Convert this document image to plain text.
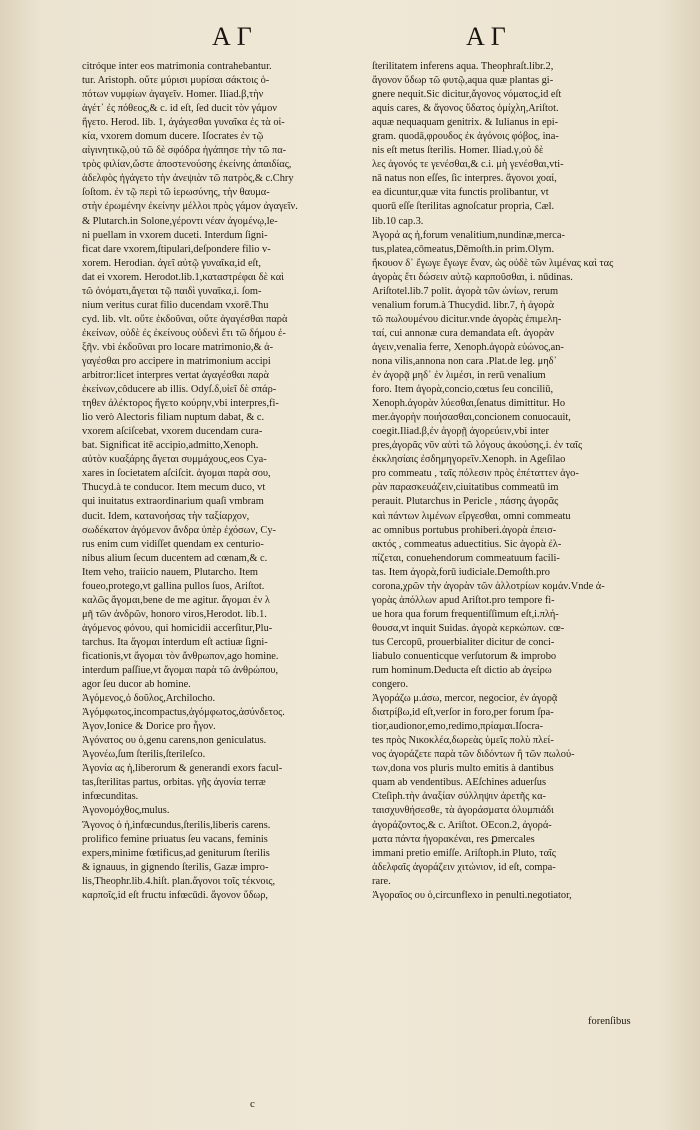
ΑΓ	ΑΓ
citróque inter eos matrimonia contrahebantur.
tur. Aristoph. οὔτε μύρισι μυρίσαι σάκτοις ὁ-
πότων νυμφίων ἀγαγεῖν. Homer. Iliad.β,τὴν
ἀγέτ᾽ ἐς πόθεος,& c. id eſt, ſed ducit τὸν γάμον
ἥγετο. Herod. lib. 1, ἀγάγεσθαι γυναῖκα ἐς τὰ οἰ-
κία, vxorem domum ducere. Iſocrates ἐν τῷ
αἰγινητικῷ,οὐ τῶ δὲ σφόδρα ἠγάπησε τὴν τῶ πα-
τρὸς φιλίαν,ὥστε ἀποστενούσης ἐκείνης ἀπαιδίας,
ἀδελφὸς ἠγάγετο τὴν ἀνεψιὰν τῶ πατρὸς,& c.Chry
ſoſtom. ἐν τῷ περὶ τῶ ἱερωσύνης, τὴν θαυμα-
στὴν ἐρωμένην ἐκείνην μέλλοι πρὸς γάμον ἀγαγεῖν.
& Plutarch.in Solone,γέροντι νέαν ἀγομένῳ,le-
ni puellam in vxorem duceti. Interdum ſigni-
ficat dare vxorem,ſtipulari,deſpondere filio v-
xorem. Herodian. ἀγεῖ αὐτῷ γυναῖκα,id eſt,
dat ei vxorem. Herodot.lib.1,καταστρέφαι δὲ καὶ
τῶ ὀνόματι,ἄγεται τῷ παιδὶ γυναῖκα,i. ſom-
nium veritus curat filio ducendam vxorē.Thu
cyd. lib. vlt. οὔτε ἐκδοῦναι, οὔτε ἀγαγέσθαι παρὰ
ἐκείνων, οὐδὲ ἐς ἐκείνους οὐδενὶ ἔτι τῶ δήμου ἐ-
ξῆν. vbi ἐκδοῦναι pro locare matrimonio,& ἀ-
γαγέσθαι pro accipere in matrimonium accipi
arbitror:licet interpres vertat ἀγαγέσθαι παρὰ
ἐκείνων,côducere ab illis. Odyſ.δ,υἱεῖ δὲ σπάρ-
τηθεν ἀλέκτορος ἤγετο κούρην,vbi interpres,fi-
lio verò Alectoris filiam nuptum dabat, & c.
vxorem aſciſcebat, vxorem ducendam cura-
bat. Significat itē accipio,admitto,Xenoph.
αὐτὸν κυαξάρης ἄγεται συμμάχους,eos Cya-
xares in ſocietatem aſciſcit. ἀγομαι παρὰ σου,
Thucyd.à te conducor. Item mecum duco, vt
qui inuitatus extraordinarium quaſi vmbram
ducit. Idem, κατανοήσας τὴν ταξίαρχον,
σωδέκατον ἀγόμενον ἄνδρα ὑπὲρ ἐχόσων, Cy-
rus enim cum vidiſſet quendam ex centurio-
nibus alium ſecum ducentem ad cœnam,& c.
Item veho, traiicio nauem, Plutarcho. Item
foueo,protego,vt gallina pullos ſuos, Ariſtot.
καλῶς ἄγομαι,bene de me agitur. ἄγομαι ἐν λ
μῆ τῶν ἀνδρῶν, honoro viros,Herodot. lib.1.
ἀγόμενος φόνου, qui homicidii accerſitur,Plu-
tarchus. Ita ἄγομαι interdum eſt actiuæ ſigni-
ficationis,vt ἄγομαι τὸν ἄνθρωπον,ago homine.
interdum paſſiue,vt ἄγομαι παρὰ τῶ ἀνθρώπου,
agor ſeu ducor ab homine.
Ἀγόμενος,ὁ δοῦλος,Archilocho.
Ἀγόμφωτος,incompactus,ἀγόμφωτος,ἀσύνδετος.
Ἀγον,Ionice & Dorice pro ἦγον.
Ἀγόνατος ου ὁ,genu carens,non geniculatus.
Ἀγονέω,ſum ſterilis,ſterileſco.
Ἀγονία ας ἡ,liberorum & generandi exors facul-
tas,ſterilitas partus, orbitas. γῆς ἀγονία terræ
infœcunditas.
Ἀγονομόχθος,mulus.
Ἄγονος ὁ ἡ,infœcundus,ſterilis,liberis carens.
prolifico femine priuatus ſeu vacans, feminis
expers,minime fœtificus,ad geniturum ſterilis
& ignauus, in gignendo ſterilis, Gazæ impro-
lis,Theophr.lib.4.hiſt. plan.ἄγονοι τοῖς τέκνοις,
καρποῖς,id eſt fructu infœcūdi. ἄγονον ὕδωρ,
ſterilitatem inferens aqua. Theophraſt.libr.2,
ἄγονον ὕδωρ τῶ φυτῷ,aqua quæ plantas gi-
gnere nequit.Sic dicitur,ἄγονος νόματος,id eſt
aquis cares, & ἄγονος ὕδατος ὁμίχλη,Ariſtot.
aquæ nequaquam genitrix. & Iulianus in epi-
gram. quodā,φρουδος ἐκ ἀγόνοις φόβος, ina-
nis eſt metus ſterilis. Homer. Iliad.γ,οὐ δὲ
λες ἀγονός τε γενέσθαι,& c.i. μὴ γενέσθαι,vti-
nā natus non eſſes, ſic interpres. ἄγονοι χοαί,
ea dicuntur,quæ vita functis prolibantur, vt
quorū eſſe ſterilitas agnoſcatur propria, Cæl.
lib.10 cap.3.
Ἀγορά ας ἡ,forum venalitium,nundinæ,merca-
tus,platea,cōmeatus,Dēmoſth.in prim.Olym.
ἤκουον δ᾽ ἔγωγε ἔγωγε ἔναν, ὡς οὐδὲ τῶν λιμένας καὶ τας
ἀγορὰς ἔτι δώσειν αὐτῷ καρποῦσθαι, i. nūdinas.
Ariſtotel.lib.7 polit. ἀγορὰ τῶν ὠνίων, rerum
venalium forum.à Thucydid. libr.7, ἡ ἀγορὰ
τῶ πωλουμένου dicitur.vnde ἀγορὰς ἐπιμελη-
ταί, cui annonæ cura demandata eſt. ἀγορὰν
ἀγειν,venalia ferre, Xenoph.ἀγορὰ εὐώνος,an-
nona vilis,annona non cara .Plat.de leg. μηδ᾽
ἐν ἀγορᾷ μηδ᾽ ἐν λιμέσι, in rerū venalium
foro. Item ἀγορὰ,concio,cœtus ſeu conciliū,
Xenoph.ἀγορὰν λύεσθαι,ſenatus dimittitur. Ho
mer.ἀγορὴν ποιήσασθαι,concionem conuocauit,
coegit.Iliad.β,ἐν ἀγορῇ ἀγορεύειν,vbi inter
pres,ἀγορᾶς νῦν αὐτὶ τῶ λόγους ἀκούσης,i. ἐν ταῖς
ἐκκλησίαις ἐσδημηγορεῖν.Xenoph. in Ageſilao
pro commeatu , ταῖς πόλεσιν πρὸς ἐπέταττεν ἀγο-
ρὰν παρασκευάζειν,ciuitatibus commeatū im
perauit. Plutarchus in Pericle , πάσης ἀγορᾶς
καὶ πάντων λιμένων εἴργεσθαι, omni commeatu
ac omnibus portubus prohiberi.ἀγορὰ ἐπεισ-
ακτός , commeatus aduectitius. Sic ἀγορὰ ἐλ-
πίζεται, conuehendorum commeatuum facili-
tas. Item ἀγορὰ,forū iudiciale.Demoſth.pro
corona,χρῶν τὴν ἀγορὰν τῶν ἀλλοτρίων κομάν.Vnde ἀ-
γορὰς ἀπόλλων apud Ariſtot.pro tempore fi-
ue hora qua forum frequentiſſimum eſt,i.πλή-
θουσα,vt inquit Suidas. ἀγορὰ κερκώπων. cœ-
tus Cercopū, prouerbialiter dicitur de conci-
liabulo conuenticque verſutorum & improbo
rum hominum.Deducta eſt dictio ab ἀγείρω
congero.
Ἀγοράζω μ.άσω, mercor, negocior, ἐν ἀγορᾷ
διατρίβω,id eſt,verſor in foro,per forum ſpa-
tior,audionor,emo,redimo,πρίαμαι.Iſocra-
tes πρὸς Νικοκλέα,δωρεὰς ὑμεῖς πολὺ πλεί-
νος ἀγοράζετε παρὰ τῶν διδόντων ἢ τῶν πωλού-
των,dona vos pluris multo emitis à dantibus
quam ab vendentibus. AEſchines aduerſus
Cteſiph.τὴν ἀναξίαν σύλληψιν ἀρετῆς κα-
ταισχυνθήσεσθε, τὰ ἀγοράσματα ὀλυμπιάδι
ἀγοράζοντος,& c. Ariſtot. OEcon.2, ἀγορά-
ματα πάντα ἠγορακέναι, res ꝑmercales
immani pretio emiſſe. Ariſtoph.in Pluto, ταῖς
ἀδελφαῖς ἀγοράζειν χιτώνιον, id eſt, compa-
rare.
Ἀγοραῖος ου ὁ,circunflexo in penulti.negotiator,
forenſibus
c
